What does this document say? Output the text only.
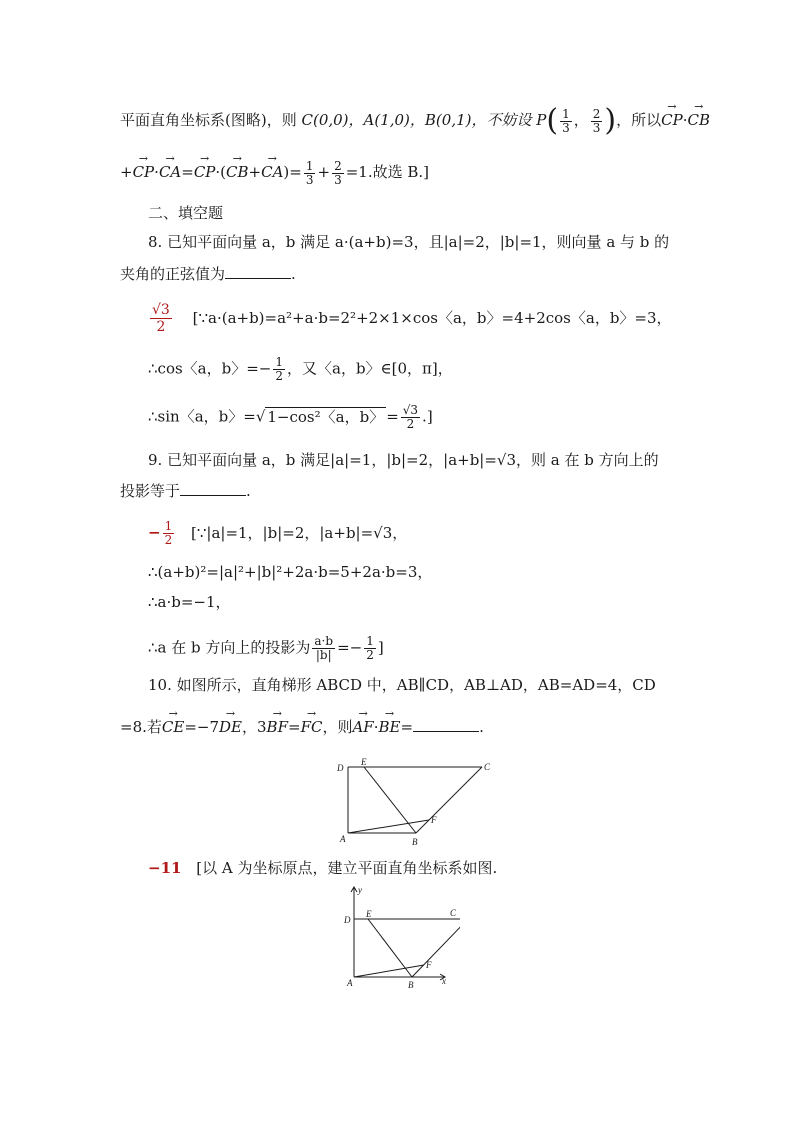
平面直角坐标系(图略)，则 C(0,0)，A(1,0)，B(0,1)，不妨设 $P( \frac{1}{3}$ ， $\frac{2}{3}$ )，所以→ CP·→ CB
+→ $CP\cdot\to CA=\to CP\cdot(\to CB+\to CA)= \frac{1}{3} + \frac{2}{3} =1$.故选 B.]
二、填空题
8. 已知平面向量 a，b 满足 a·(a+b)=3，且|a|=2，|b|=1，则向量 a 与 b 的
夹角的正弦值为	.
$\frac{√3}{2}$ [∵a·(a+b)=a²+a·b=2²+2×1×cos〈a，b〉=4+2cos〈a，b〉=3，
∴cos〈a，b〉=− $\frac{1}{2}$ ，又〈a，b〉∈[0，π]，
∴sin〈a，b〉=√ 1−cos²〈a，b〉 = $\frac{√3}{2}$ .]
9. 已知平面向量 a，b 满足|a|=1，|b|=2，|a+b|=√3，则 a 在 b 方向上的
投影等于	.
− $\frac{1}{2}$ [∵|a|=1，|b|=2，|a+b|=√3，
∴(a+b)²=|a|²+|b|²+2a·b=5+2a·b=3，
∴a·b=−1，
∴a 在 b 方向上的投影为 $\frac{a\cdot b}{|b|} =- \frac{1}{2}$ ]
10. 如图所示，直角梯形 ABCD 中，AB∥CD，AB⊥AD，AB=AD=4，CD
=8.若→ CE=−7→ DE，3→ BF=→ FC，则→ AF·→ BE=	.
D
E	C
A	B
F
−11 [以 A 为坐标原点，建立平面直角坐标系如图.
y
D
E	C
A	B
F
x
